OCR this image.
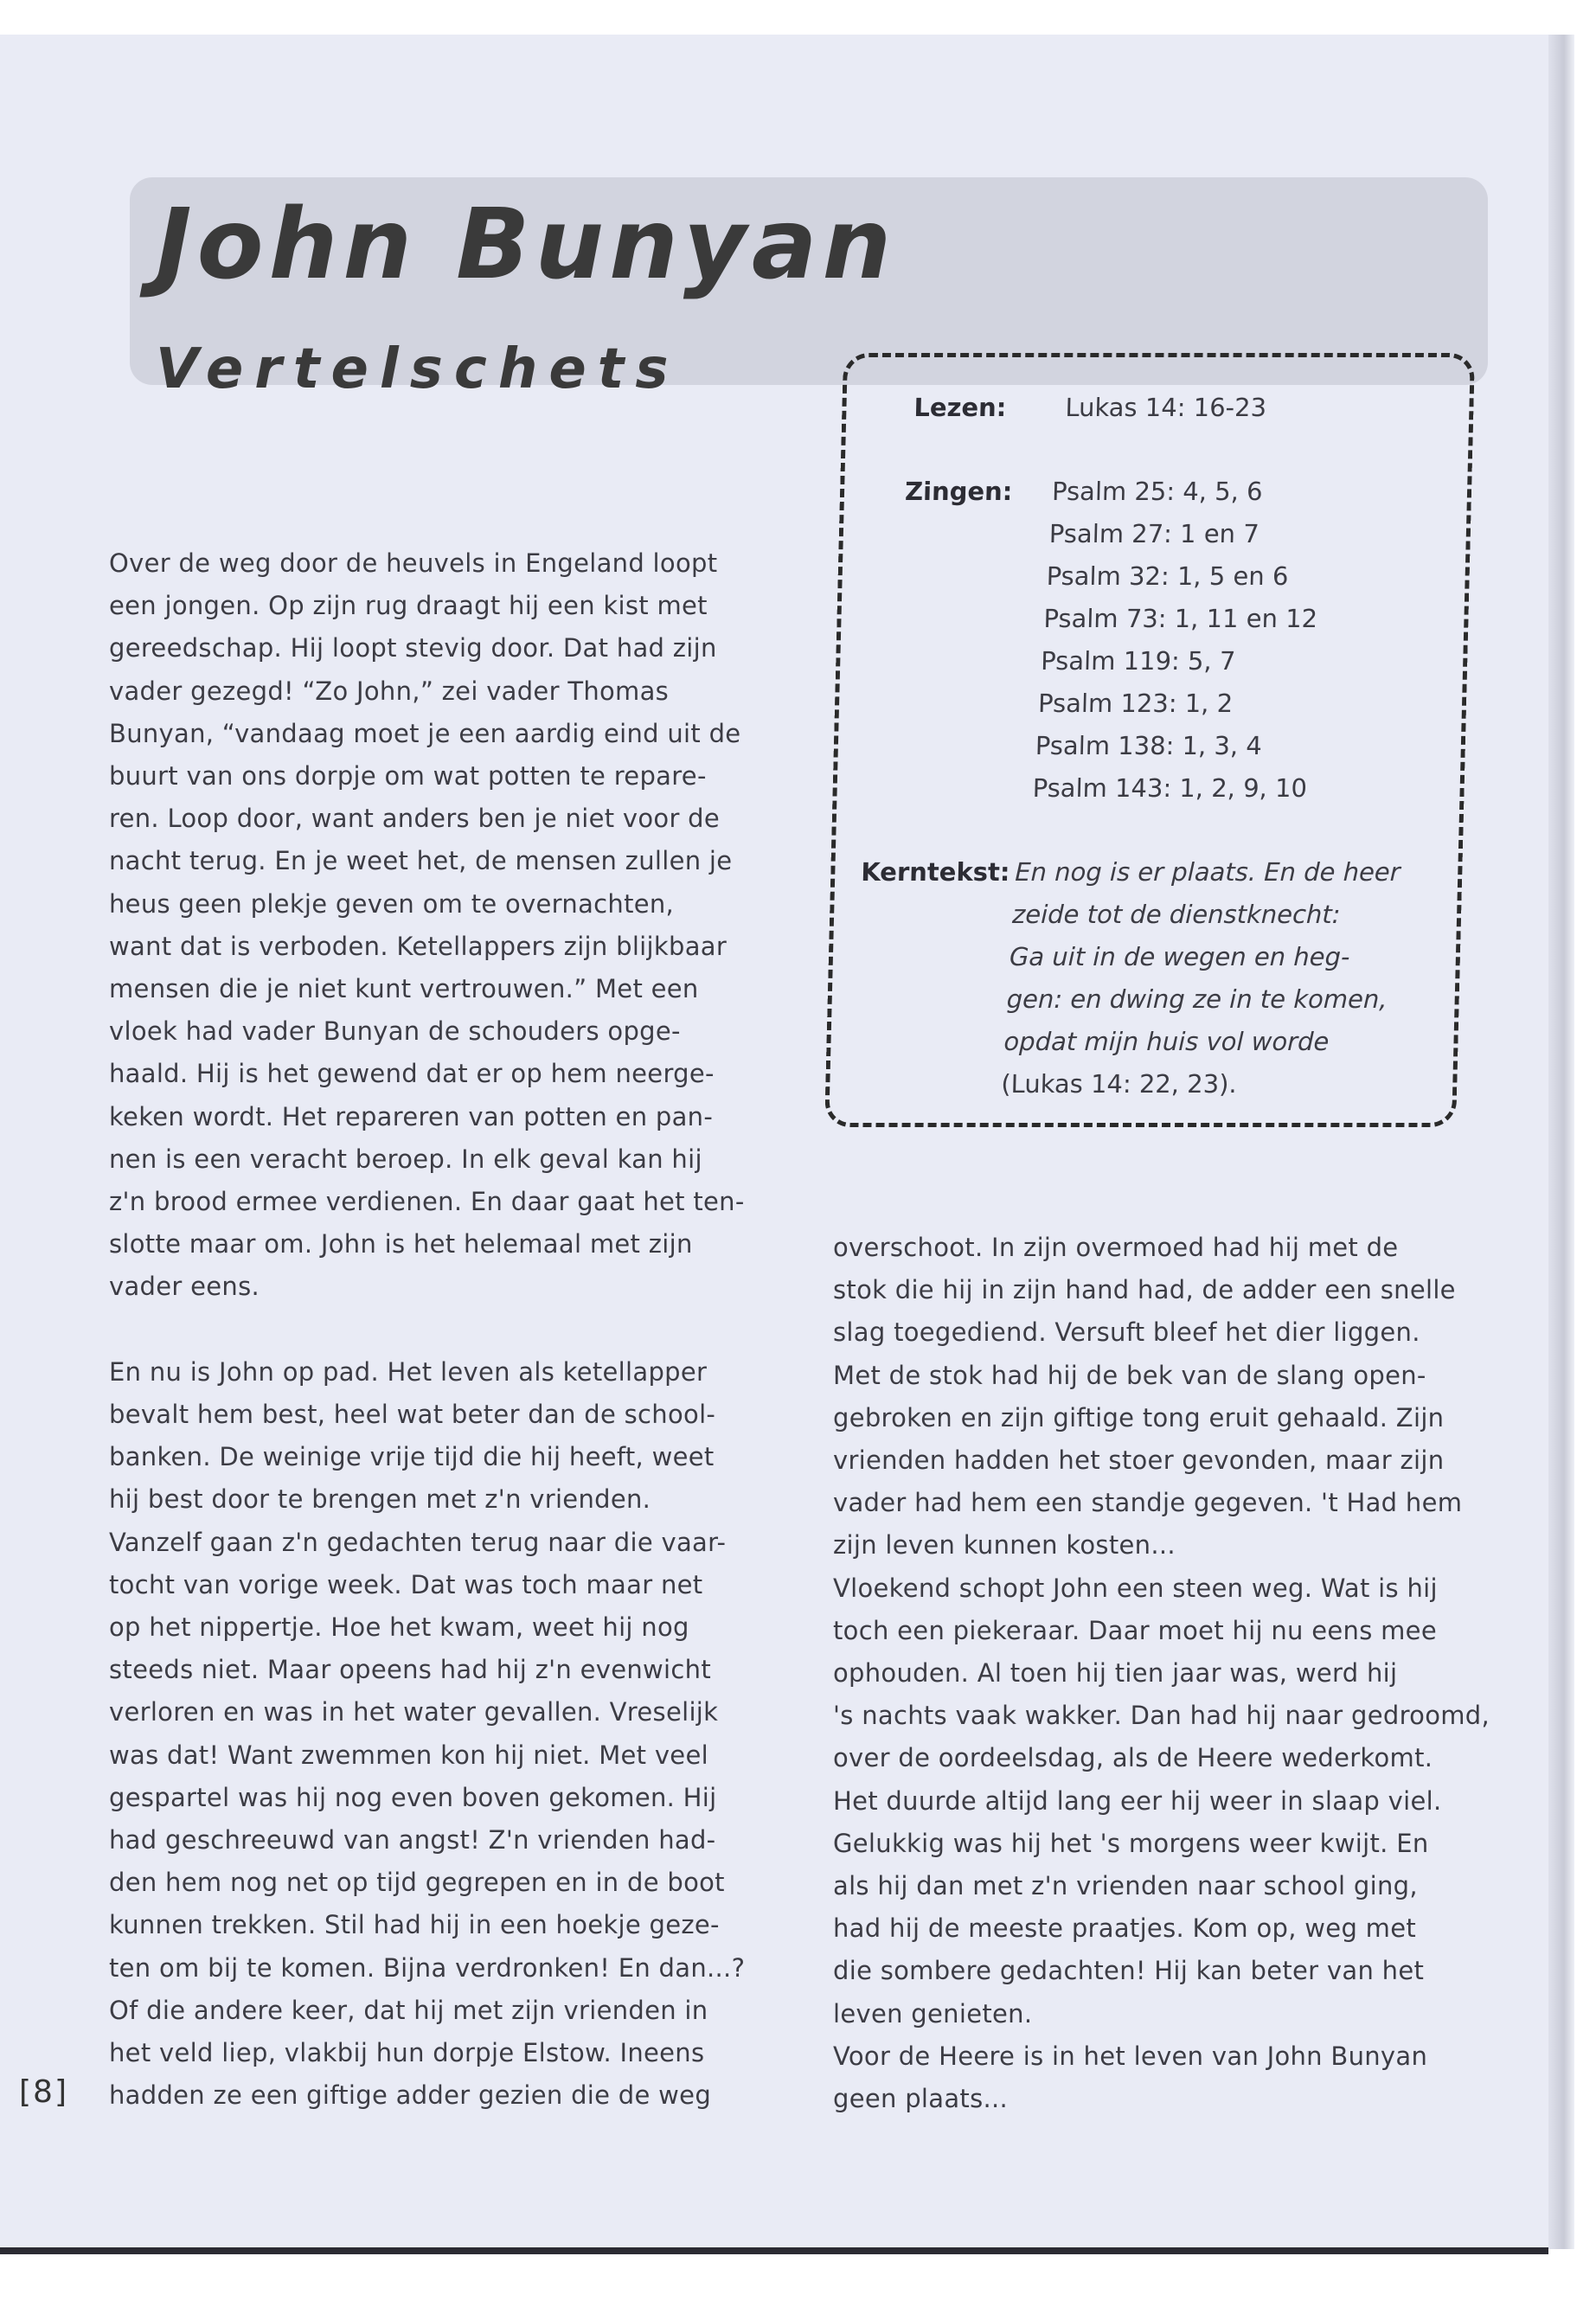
John Bunyan
Vertelschets
Lezen: Lukas 14: 16-23
Zingen: Psalm 25: 4, 5, 6
Psalm 27: 1 en 7
Psalm 32: 1, 5 en 6
Psalm 73: 1, 11 en 12
Psalm 119: 5, 7
Psalm 123: 1, 2
Psalm 138: 1, 3, 4
Psalm 143: 1, 2, 9, 10
Kerntekst: En nog is er plaats. En de heer
zeide tot de dienstknecht:
Ga uit in de wegen en heg-
gen: en dwing ze in te komen,
opdat mijn huis vol worde
(Lukas 14: 22, 23).

Over de weg door de heuvels in Engeland loopt

een jongen. Op zijn rug draagt hij een kist met

gereedschap. Hij loopt stevig door. Dat had zijn

vader gezegd! “Zo John,” zei vader Thomas

Bunyan, “vandaag moet je een aardig eind uit de

buurt van ons dorpje om wat potten te repare-

ren. Loop door, want anders ben je niet voor de

nacht terug. En je weet het, de mensen zullen je

heus geen plekje geven om te overnachten,

want dat is verboden. Ketellappers zijn blijkbaar

mensen die je niet kunt vertrouwen.” Met een

vloek had vader Bunyan de schouders opge-

haald. Hij is het gewend dat er op hem neerge-

keken wordt. Het repareren van potten en pan-

nen is een veracht beroep. In elk geval kan hij

z'n brood ermee verdienen. En daar gaat het ten-

slotte maar om. John is het helemaal met zijn

vader eens.

En nu is John op pad. Het leven als ketellapper

bevalt hem best, heel wat beter dan de school-

banken. De weinige vrije tijd die hij heeft, weet

hij best door te brengen met z'n vrienden.

Vanzelf gaan z'n gedachten terug naar die vaar-

tocht van vorige week. Dat was toch maar net

op het nippertje. Hoe het kwam, weet hij nog

steeds niet. Maar opeens had hij z'n evenwicht

verloren en was in het water gevallen. Vreselijk

was dat! Want zwemmen kon hij niet. Met veel

gespartel was hij nog even boven gekomen. Hij

had geschreeuwd van angst! Z'n vrienden had-

den hem nog net op tijd gegrepen en in de boot

kunnen trekken. Stil had hij in een hoekje geze-

ten om bij te komen. Bijna verdronken! En dan...?

Of die andere keer, dat hij met zijn vrienden in

het veld liep, vlakbij hun dorpje Elstow. Ineens

hadden ze een giftige adder gezien die de weg

overschoot. In zijn overmoed had hij met de

stok die hij in zijn hand had, de adder een snelle

slag toegediend. Versuft bleef het dier liggen.

Met de stok had hij de bek van de slang open-

gebroken en zijn giftige tong eruit gehaald. Zijn

vrienden hadden het stoer gevonden, maar zijn

vader had hem een standje gegeven. 't Had hem

zijn leven kunnen kosten...

Vloekend schopt John een steen weg. Wat is hij

toch een piekeraar. Daar moet hij nu eens mee

ophouden. Al toen hij tien jaar was, werd hij

's nachts vaak wakker. Dan had hij naar gedroomd,

over de oordeelsdag, als de Heere wederkomt.

Het duurde altijd lang eer hij weer in slaap viel.

Gelukkig was hij het 's morgens weer kwijt. En

als hij dan met z'n vrienden naar school ging,

had hij de meeste praatjes. Kom op, weg met

die sombere gedachten! Hij kan beter van het

leven genieten.

Voor de Heere is in het leven van John Bunyan

geen plaats...

[8]
